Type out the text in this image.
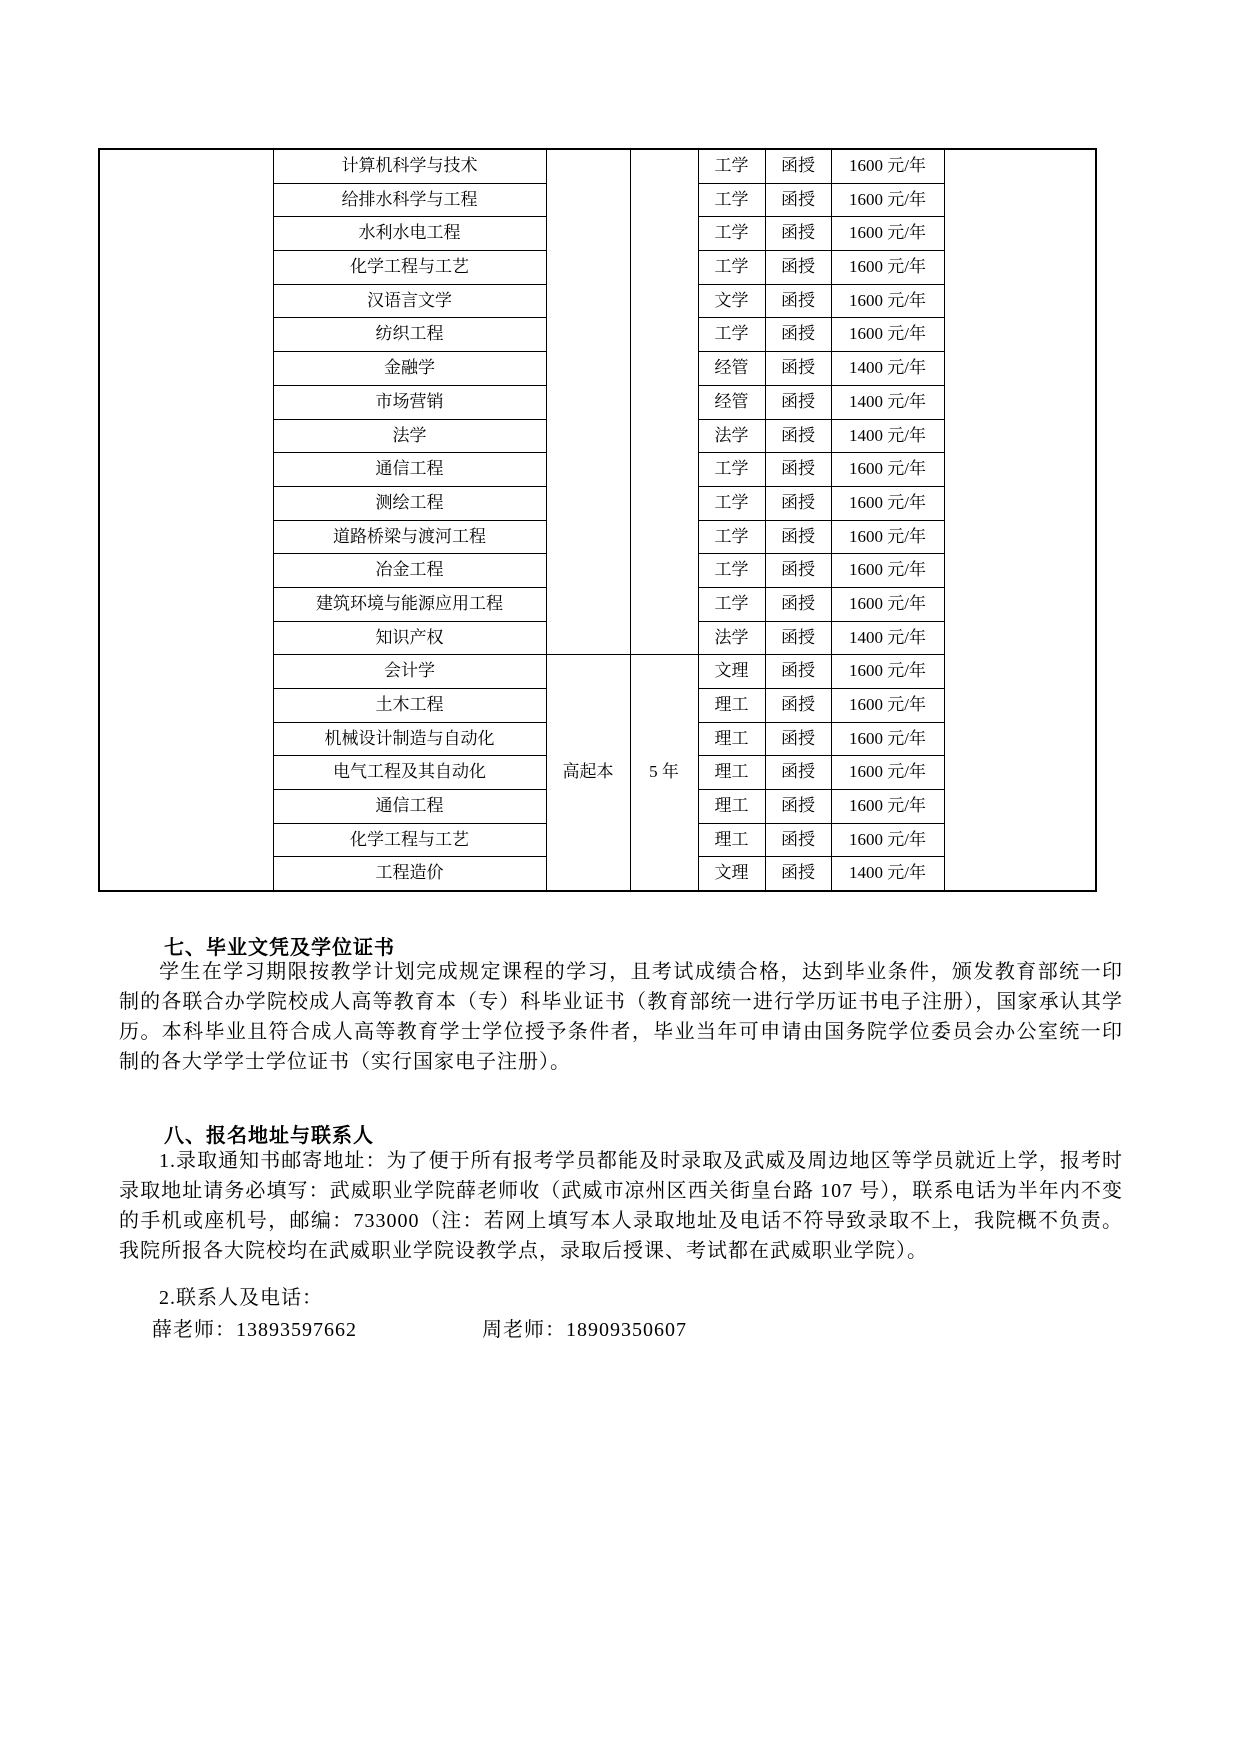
	计算机科学与技术			工学	函授	1600 元/年	
	给排水科学与工程			工学	函授	1600 元/年	
	水利水电工程			工学	函授	1600 元/年	
	化学工程与工艺			工学	函授	1600 元/年	
	汉语言文学			文学	函授	1600 元/年	
	纺织工程			工学	函授	1600 元/年	
	金融学			经管	函授	1400 元/年	
	市场营销			经管	函授	1400 元/年	
	法学			法学	函授	1400 元/年	
	通信工程			工学	函授	1600 元/年	
	测绘工程			工学	函授	1600 元/年	
	道路桥梁与渡河工程			工学	函授	1600 元/年	
	冶金工程			工学	函授	1600 元/年	
	建筑环境与能源应用工程			工学	函授	1600 元/年	
	知识产权			法学	函授	1400 元/年	
	会计学	高起本	5 年	文理	函授	1600 元/年	
	土木工程			理工	函授	1600 元/年	
	机械设计制造与自动化			理工	函授	1600 元/年	
	电气工程及其自动化			理工	函授	1600 元/年	
	通信工程			理工	函授	1600 元/年	
	化学工程与工艺			理工	函授	1600 元/年	
	工程造价			文理	函授	1400 元/年	
七、毕业文凭及学位证书

学生在学习期限按教学计划完成规定课程的学习，且考试成绩合格，达到毕业条件，颁发教育部统一印制的各联合办学院校成人高等教育本（专）科毕业证书（教育部统一进行学历证书电子注册），国家承认其学历。本科毕业且符合成人高等教育学士学位授予条件者，毕业当年可申请由国务院学位委员会办公室统一印制的各大学学士学位证书（实行国家电子注册）。

八、报名地址与联系人

1.录取通知书邮寄地址：为了便于所有报考学员都能及时录取及武威及周边地区等学员就近上学，报考时录取地址请务必填写：武威职业学院薛老师收（武威市凉州区西关街皇台路 107 号），联系电话为半年内不变的手机或座机号，邮编：733000（注：若网上填写本人录取地址及电话不符导致录取不上，我院概不负责。我院所报各大院校均在武威职业学院设教学点，录取后授课、考试都在武威职业学院）。

2.联系人及电话：

薛老师：13893597662	周老师：18909350607
